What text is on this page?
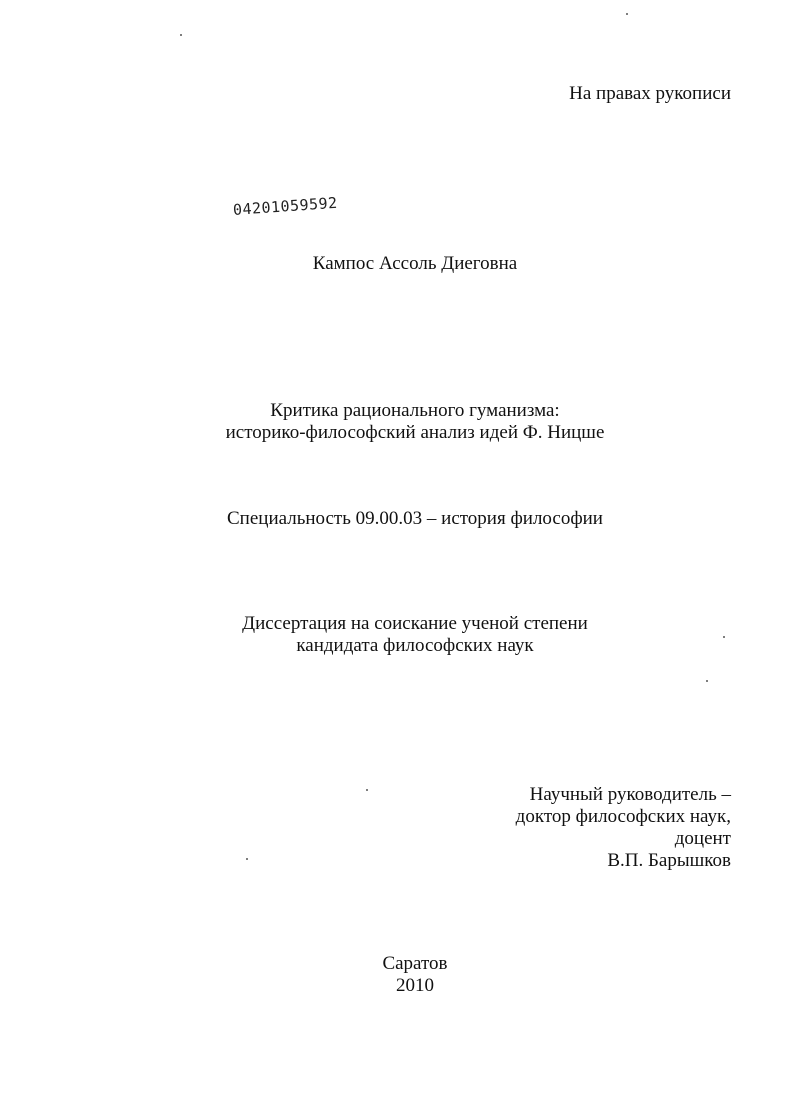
На правах рукописи
04201059592
Кампос Ассоль Диеговна
Критика рационального гуманизма:
историко-философский анализ идей Ф. Ницше
Специальность 09.00.03 – история философии
Диссертация на соискание ученой степени
кандидата философских наук
Научный руководитель –
доктор философских наук,
доцент
В.П. Барышков
Саратов
2010
